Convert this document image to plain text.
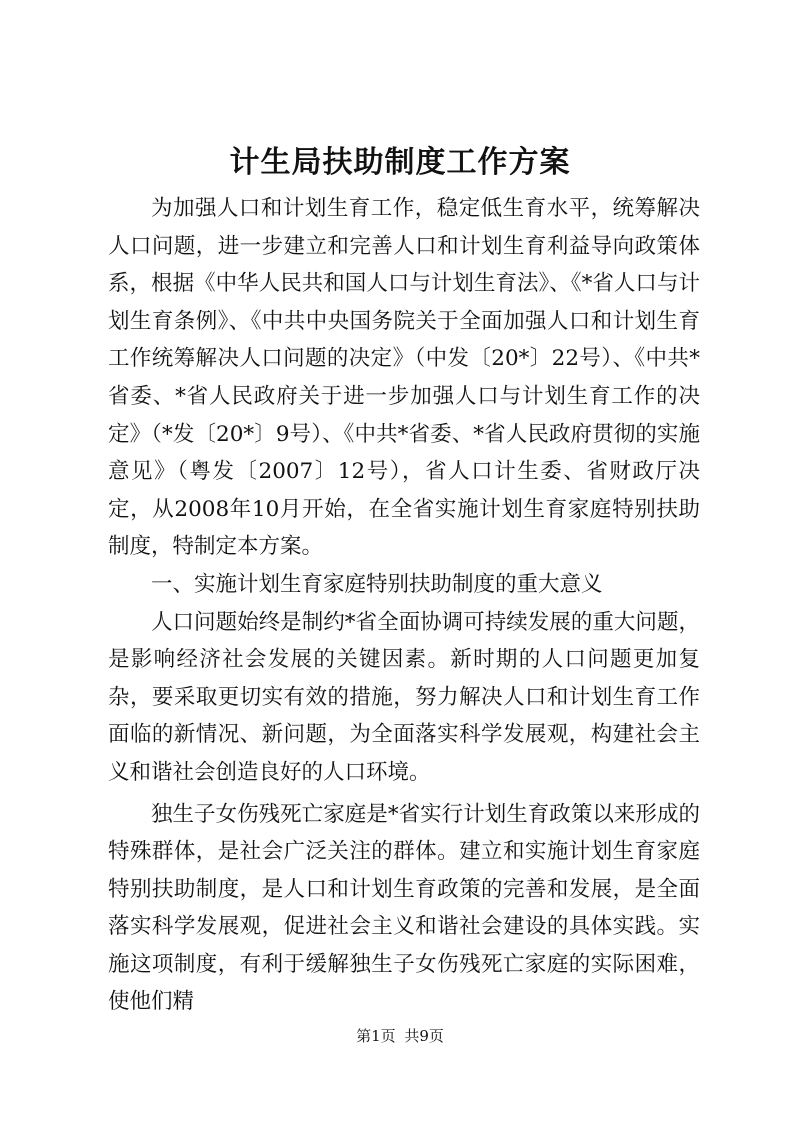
计生局扶助制度工作方案

为加强人口和计划生育工作，稳定低生育水平，统筹解决人口问题，进一步建立和完善人口和计划生育利益导向政策体系，根据《中华人民共和国人口与计划生育法》、《*省人口与计划生育条例》、《中共中央国务院关于全面加强人口和计划生育工作统筹解决人口问题的决定》（中发〔20*〕22号）、《中共*省委、*省人民政府关于进一步加强人口与计划生育工作的决定》（*发〔20*〕9号）、《中共*省委、*省人民政府贯彻的实施意见》（粤发〔2007〕12号），省人口计生委、省财政厅决定，从2008年10月开始，在全省实施计划生育家庭特别扶助制度，特制定本方案。

一、实施计划生育家庭特别扶助制度的重大意义

人口问题始终是制约*省全面协调可持续发展的重大问题，是影响经济社会发展的关键因素。新时期的人口问题更加复杂，要采取更切实有效的措施，努力解决人口和计划生育工作面临的新情况、新问题，为全面落实科学发展观，构建社会主义和谐社会创造良好的人口环境。

独生子女伤残死亡家庭是*省实行计划生育政策以来形成的特殊群体，是社会广泛关注的群体。建立和实施计划生育家庭特别扶助制度，是人口和计划生育政策的完善和发展，是全面落实科学发展观，促进社会主义和谐社会建设的具体实践。实施这项制度，有利于缓解独生子女伤残死亡家庭的实际困难，使他们精

第1页 共9页
